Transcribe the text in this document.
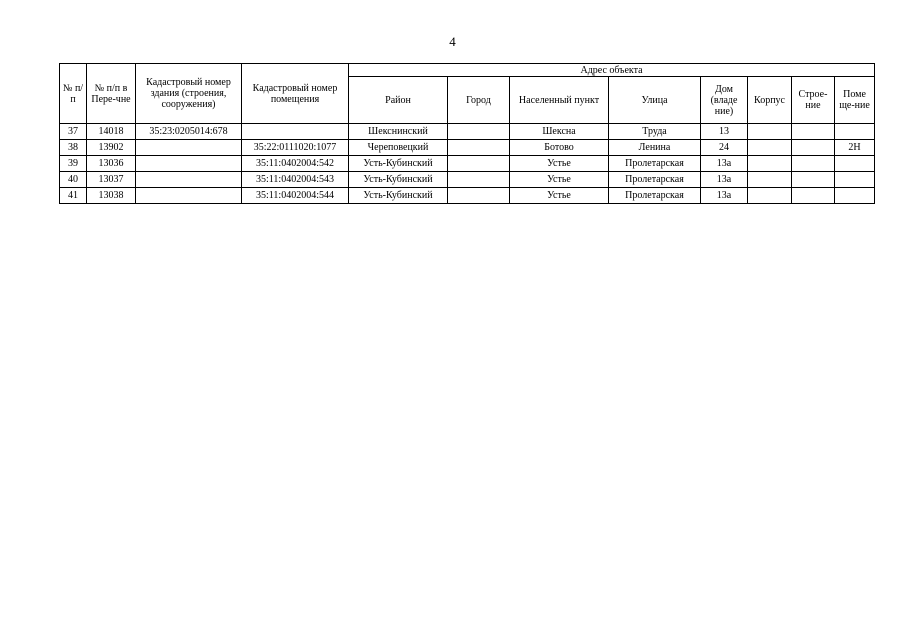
4
№ п/п	№ п/п в Пере-чне	Кадастровый номер здания (строения, сооружения)	Кадастровый номер помещения	Адрес объекта							
				Район	Город	Населенный пункт	Улица	Дом (владе ние)	Корпус	Строе-ние	Поме ще-ние
37	14018	35:23:0205014:678		Шекснинский		Шексна	Труда	13			
38	13902		35:22:0111020:1077	Череповецкий		Ботово	Ленина	24			2Н
39	13036		35:11:0402004:542	Усть-Кубинский		Устье	Пролетарская	13а			
40	13037		35:11:0402004:543	Усть-Кубинский		Устье	Пролетарская	13а			
41	13038		35:11:0402004:544	Усть-Кубинский		Устье	Пролетарская	13а			
